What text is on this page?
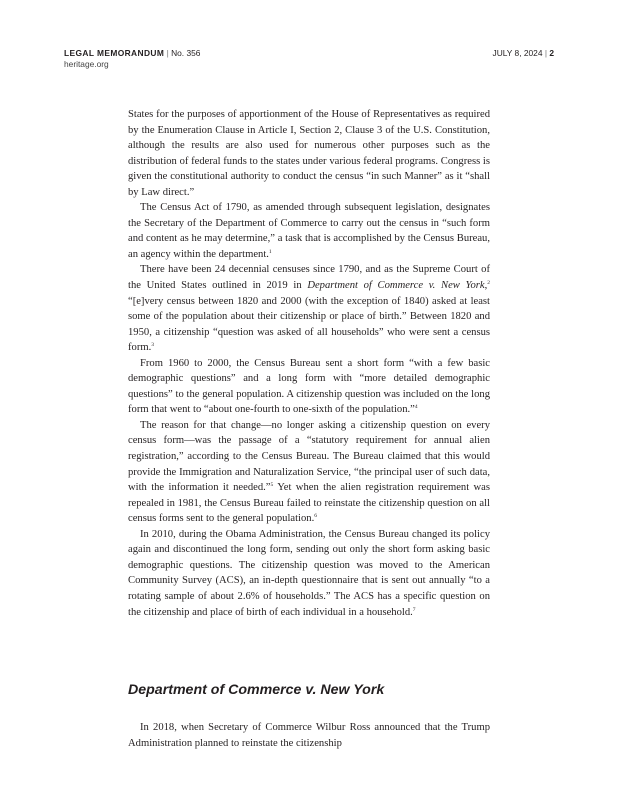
LEGAL MEMORANDUM | No. 356	JULY 8, 2024 | 2
heritage.org

States for the purposes of apportionment of the House of Representatives as required by the Enumeration Clause in Article I, Section 2, Clause 3 of the U.S. Constitution, although the results are also used for numerous other purposes such as the distribution of federal funds to the states under various federal programs. Congress is given the constitutional authority to conduct the census “in such Manner” as it “shall by Law direct.”

The Census Act of 1790, as amended through subsequent legislation, designates the Secretary of the Department of Commerce to carry out the census in “such form and content as he may determine,” a task that is accomplished by the Census Bureau, an agency within the department.$^1$

There have been 24 decennial censuses since 1790, and as the Supreme Court of the United States outlined in 2019 in Department of Commerce v. New York,$^2$ “[e]very census between 1820 and 2000 (with the exception of 1840) asked at least some of the population about their citizenship or place of birth.” Between 1820 and 1950, a citizenship “question was asked of all households” who were sent a census form.$^3$

From 1960 to 2000, the Census Bureau sent a short form “with a few basic demographic questions” and a long form with “more detailed demographic questions” to the general population. A citizenship question was included on the long form that went to “about one-fourth to one-sixth of the population.”$^4$

The reason for that change—no longer asking a citizenship question on every census form—was the passage of a “statutory requirement for annual alien registration,” according to the Census Bureau. The Bureau claimed that this would provide the Immigration and Naturalization Service, “the principal user of such data, with the information it needed.”$^5$ Yet when the alien registration requirement was repealed in 1981, the Census Bureau failed to reinstate the citizenship question on all census forms sent to the general population.$^6$

In 2010, during the Obama Administration, the Census Bureau changed its policy again and discontinued the long form, sending out only the short form asking basic demographic questions. The citizenship question was moved to the American Community Survey (ACS), an in-depth questionnaire that is sent out annually “to a rotating sample of about 2.6% of households.” The ACS has a specific question on the citizenship and place of birth of each individual in a household.$^7$

Department of Commerce v. New York

In 2018, when Secretary of Commerce Wilbur Ross announced that the Trump Administration planned to reinstate the citizenship
